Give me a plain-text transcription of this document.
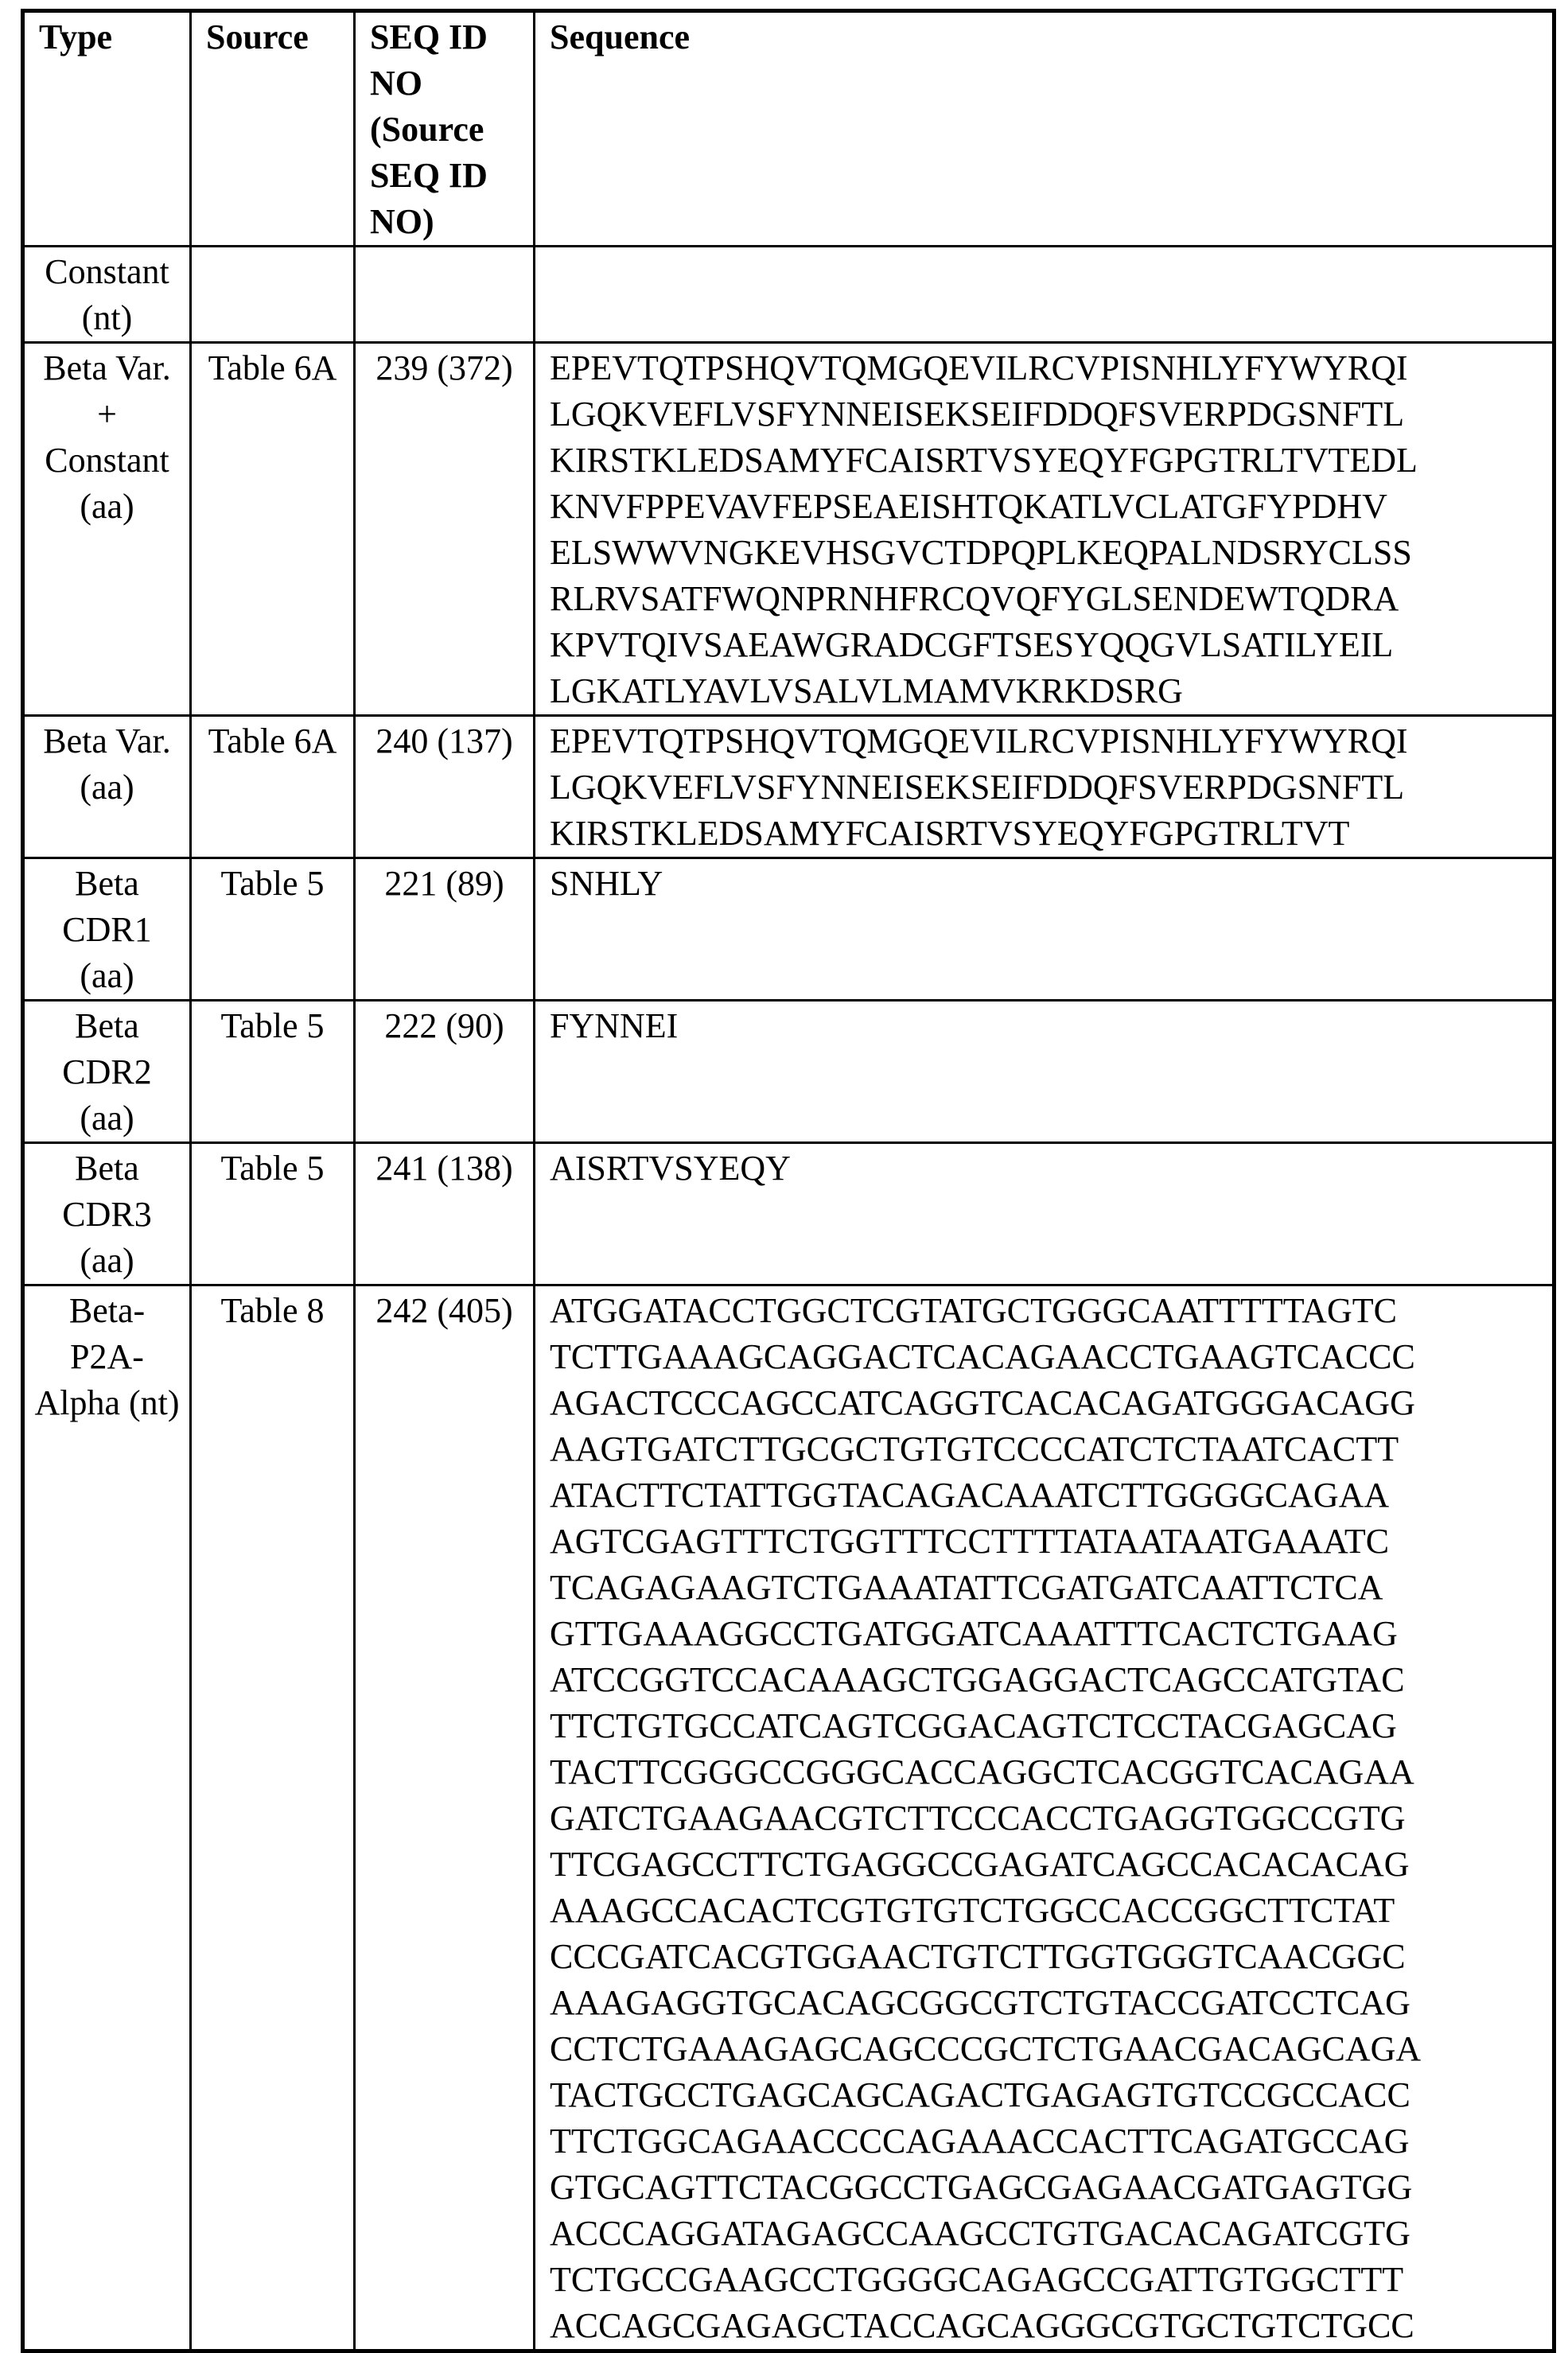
Type	Source	SEQ ID NO (Source SEQ ID NO)	Sequence
Constant (nt)			
Beta Var. + Constant (aa)	Table 6A	239 (372)	EPEVTQTPSHQVTQMGQEVILRCVPISNHLYFYWYRQI
LGQKVEFLVSFYNNEISEKSEIFDDQFSVERPDGSNFTL
KIRSTKLEDSAMYFCAISRTVSYEQYFGPGTRLTVTEDL
KNVFPPEVAVFEPSEAEISHTQKATLVCLATGFYPDHV
ELSWWVNGKEVHSGVCTDPQPLKEQPALNDSRYCLSS
RLRVSATFWQNPRNHFRCQVQFYGLSENDEWTQDRA
KPVTQIVSAEAWGRADCGFTSESYQQGVLSATILYEIL
LGKATLYAVLVSALVLMAMVKRKDSRG

Beta Var. (aa)	Table 6A	240 (137)	EPEVTQTPSHQVTQMGQEVILRCVPISNHLYFYWYRQI
LGQKVEFLVSFYNNEISEKSEIFDDQFSVERPDGSNFTL
KIRSTKLEDSAMYFCAISRTVSYEQYFGPGTRLTVT

Beta CDR1 (aa)	Table 5	221 (89)	SNHLY

Beta CDR2 (aa)	Table 5	222 (90)	FYNNEI

Beta CDR3 (aa)	Table 5	241 (138)	AISRTVSYEQY

Beta-P2A-Alpha (nt)	Table 8	242 (405)	ATGGATACCTGGCTCGTATGCTGGGCAATTTTTAGTC
TCTTGAAAGCAGGACTCACAGAACCTGAAGTCACCC
AGACTCCCAGCCATCAGGTCACACAGATGGGACAGG
AAGTGATCTTGCGCTGTGTCCCCATCTCTAATCACTT
ATACTTCTATTGGTACAGACAAATCTTGGGGCAGAA
AGTCGAGTTTCTGGTTTCCTTTTATAATAATGAAATC
TCAGAGAAGTCTGAAATATTCGATGATCAATTCTCA
GTTGAAAGGCCTGATGGATCAAATTTCACTCTGAAG
ATCCGGTCCACAAAGCTGGAGGACTCAGCCATGTAC
TTCTGTGCCATCAGTCGGACAGTCTCCTACGAGCAG
TACTTCGGGCCGGGCACCAGGCTCACGGTCACAGAA
GATCTGAAGAACGTCTTCCCACCTGAGGTGGCCGTG
TTCGAGCCTTCTGAGGCCGAGATCAGCCACACACAG
AAAGCCACACTCGTGTGTCTGGCCACCGGCTTCTAT
CCCGATCACGTGGAACTGTCTTGGTGGGTCAACGGC
AAAGAGGTGCACAGCGGCGTCTGTACCGATCCTCAG
CCTCTGAAAGAGCAGCCCGCTCTGAACGACAGCAGA
TACTGCCTGAGCAGCAGACTGAGAGTGTCCGCCACC
TTCTGGCAGAACCCCAGAAACCACTTCAGATGCCAG
GTGCAGTTCTACGGCCTGAGCGAGAACGATGAGTGG
ACCCAGGATAGAGCCAAGCCTGTGACACAGATCGTG
TCTGCCGAAGCCTGGGGCAGAGCCGATTGTGGCTTT
ACCAGCGAGAGCTACCAGCAGGGCGTGCTGTCTGCC
